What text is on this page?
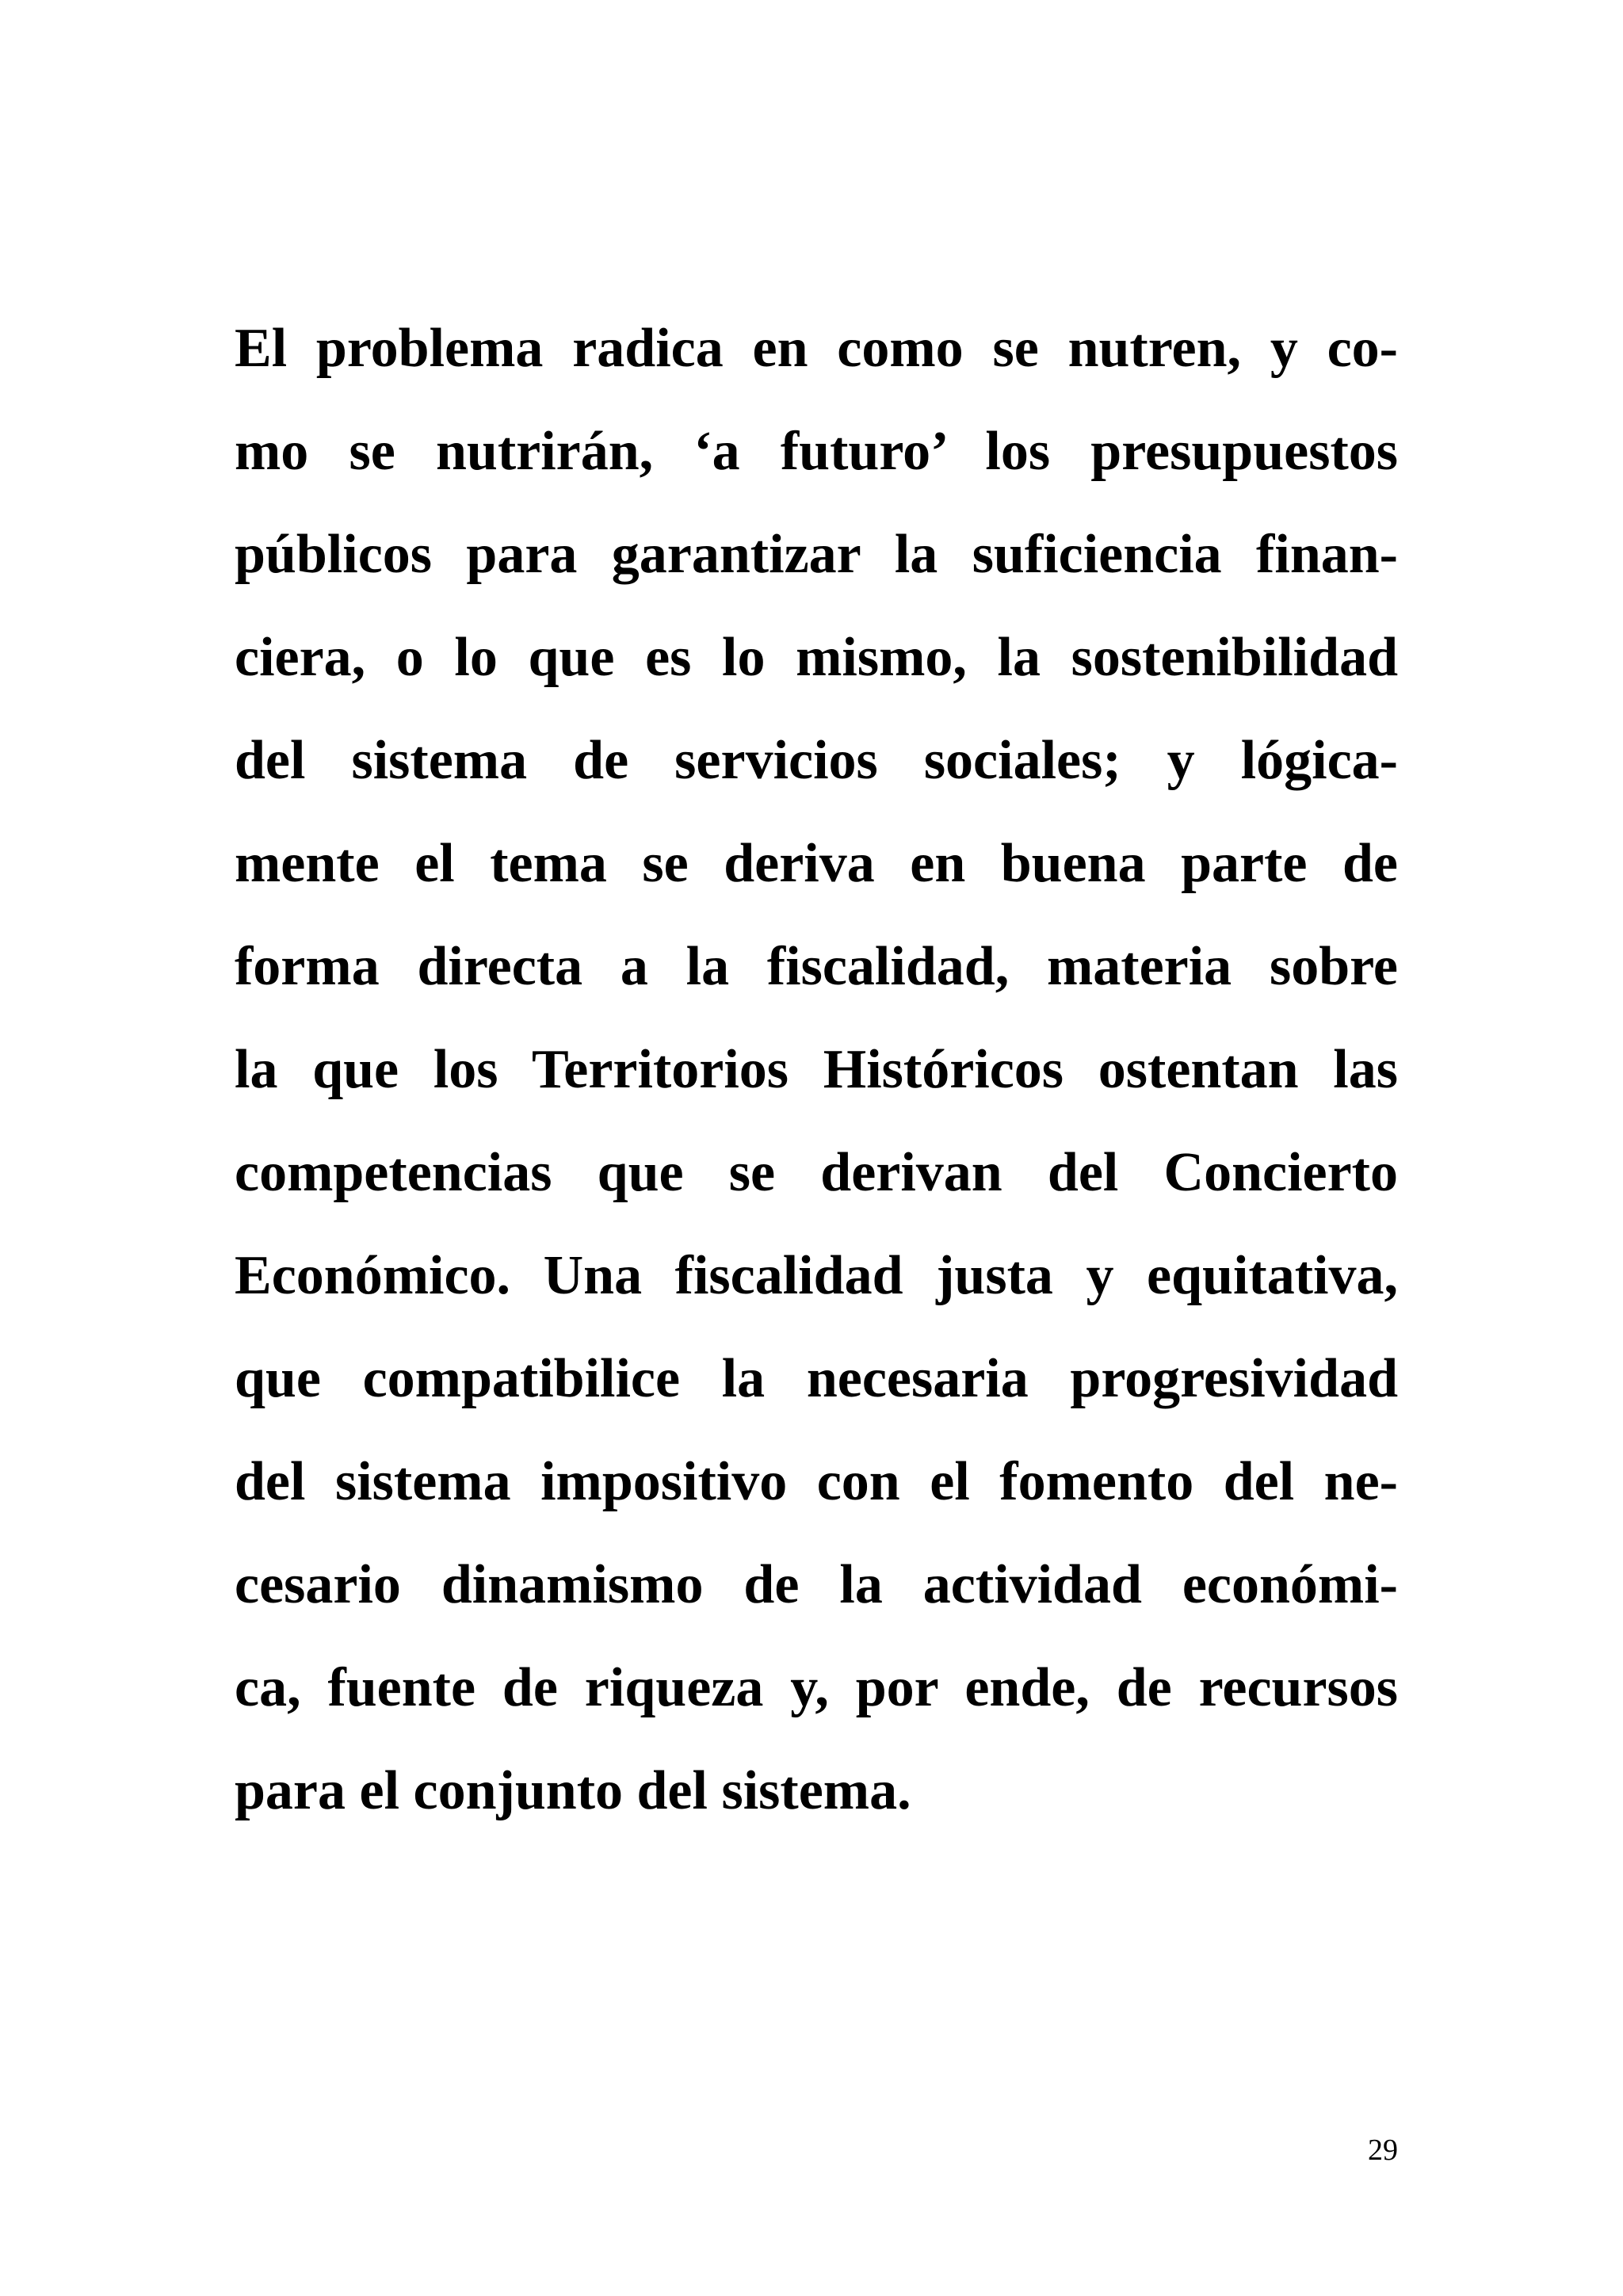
El problema radica en como se nutren, y co-
mo se nutrirán, ‘a futuro’ los presupuestos
públicos para garantizar la suficiencia finan-
ciera, o lo que es lo mismo, la sostenibilidad
del sistema de servicios sociales; y lógica-
mente el tema se deriva en buena parte de
forma directa a la fiscalidad, materia sobre
la que los Territorios Históricos ostentan las
competencias que se derivan del Concierto
Económico. Una fiscalidad justa y equitativa,
que compatibilice la necesaria progresividad
del sistema impositivo con el fomento del ne-
cesario dinamismo de la actividad económi-
ca, fuente de riqueza y, por ende, de recursos
para el conjunto del sistema.
29
